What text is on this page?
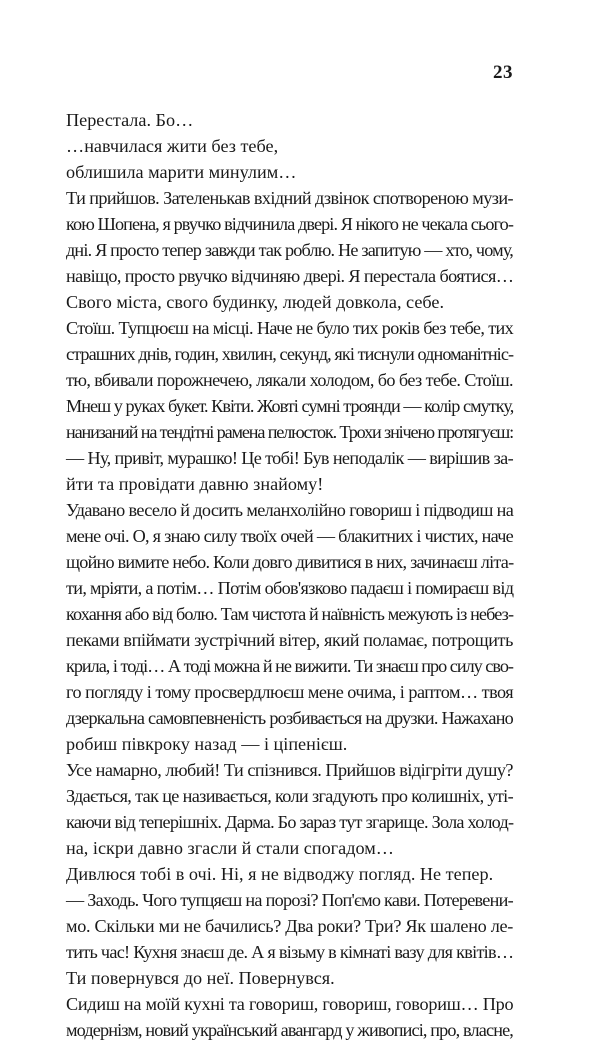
23
Перестала. Бо…
…навчилася жити без тебе,
облишила марити минулим…
Ти прийшов. Зателенькав вхідний дзвінок спотвореною музи-
кою Шопена, я рвучко відчинила двері. Я нікого не чекала сього-
дні. Я просто тепер завжди так роблю. Не запитую — хто, чому,
навіщо, просто рвучко відчиняю двері. Я перестала боятися…
Свого міста, свого будинку, людей довкола, себе.
Стоїш. Тупцюєш на місці. Наче не було тих років без тебе, тих
страшних днів, годин, хвилин, секунд, які тиснули одноманітніс-
тю, вбивали порожнечею, лякали холодом, бо без тебе. Стоїш.
Мнеш у руках букет. Квіти. Жовті сумні троянди — колір смутку,
нанизаний на тендітні рамена пелюсток. Трохи знічено протягуєш:
— Ну, привіт, мурашко! Це тобі! Був неподалік — вирішив за-
йти та провідати давню знайому!
Удавано весело й досить меланхолійно говориш і підводиш на
мене очі. О, я знаю силу твоїх очей — блакитних і чистих, наче
щойно вимите небо. Коли довго дивитися в них, зачинаєш літа-
ти, мріяти, а потім… Потім обов'язково падаєш і помираєш від
кохання або від болю. Там чистота й наївність межують із небез-
пеками впіймати зустрічний вітер, який поламає, потрощить
крила, і тоді… А тоді можна й не вижити. Ти знаєш про силу сво-
го погляду і тому просвердлюєш мене очима, і раптом… твоя
дзеркальна самовпевненість розбивається на друзки. Нажахано
робиш півкроку назад — і ціпенієш.
Усе намарно, любий! Ти спізнився. Прийшов відігріти душу?
Здається, так це називається, коли згадують про колишніх, уті-
каючи від теперішніх. Дарма. Бо зараз тут згарище. Зола холод-
на, іскри давно згасли й стали спогадом…
Дивлюся тобі в очі. Ні, я не відводжу погляд. Не тепер.
— Заходь. Чого тупцяєш на порозі? Поп'ємо кави. Потеревени-
мо. Скільки ми не бачились? Два роки? Три? Як шалено ле-
тить час! Кухня знаєш де. А я візьму в кімнаті вазу для квітів…
Ти повернувся до неї. Повернувся.
Сидиш на моїй кухні та говориш, говориш, говориш… Про
модернізм, новий український авангард у живописі, про, власне,
